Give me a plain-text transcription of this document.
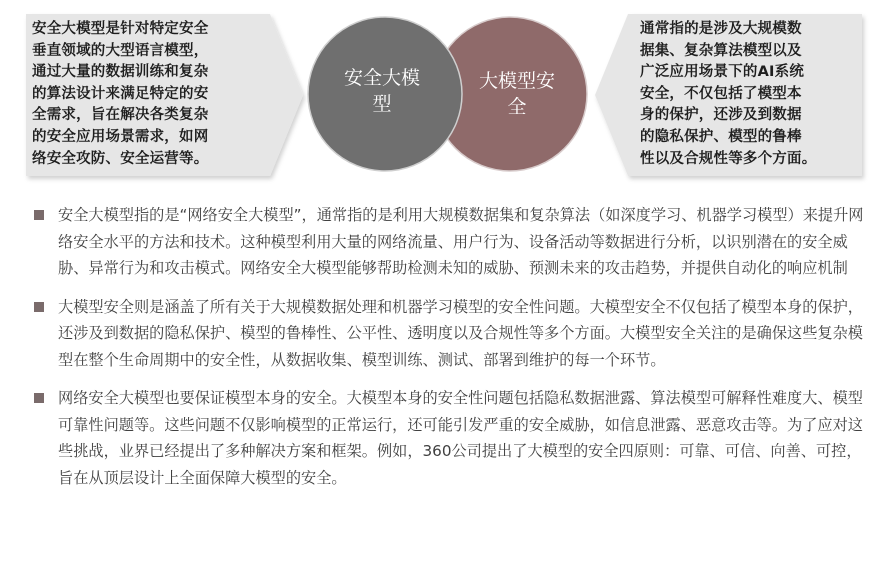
安全大模型是针对特定安全
垂直领域的大型语言模型，
通过大量的数据训练和复杂
的算法设计来满足特定的安
全需求，旨在解决各类复杂
的安全应用场景需求，如网
络安全攻防、安全运营等。
通常指的是涉及大规模数
据集、复杂算法模型以及
广泛应用场景下的AI系统
安全，不仅包括了模型本
身的保护，还涉及到数据
的隐私保护、模型的鲁棒
性以及合规性等多个方面。
安全大模
型
大模型安
全
安全大模型指的是“网络安全大模型”，通常指的是利用大规模数据集和复杂算法（如深度学习、机器学习模型）来提升网络安全水平的方法和技术。这种模型利用大量的网络流量、用户行为、设备活动等数据进行分析，以识别潜在的安全威胁、异常行为和攻击模式。网络安全大模型能够帮助检测未知的威胁、预测未来的攻击趋势，并提供自动化的响应机制
大模型安全则是涵盖了所有关于大规模数据处理和机器学习模型的安全性问题。大模型安全不仅包括了模型本身的保护，还涉及到数据的隐私保护、模型的鲁棒性、公平性、透明度以及合规性等多个方面。大模型安全关注的是确保这些复杂模型在整个生命周期中的安全性，从数据收集、模型训练、测试、部署到维护的每一个环节。
网络安全大模型也要保证模型本身的安全。大模型本身的安全性问题包括隐私数据泄露、算法模型可解释性难度大、模型可靠性问题等。这些问题不仅影响模型的正常运行，还可能引发严重的安全威胁，如信息泄露、恶意攻击等。为了应对这些挑战，业界已经提出了多种解决方案和框架。例如，360公司提出了大模型的安全四原则：可靠、可信、向善、可控，旨在从顶层设计上全面保障大模型的安全。
